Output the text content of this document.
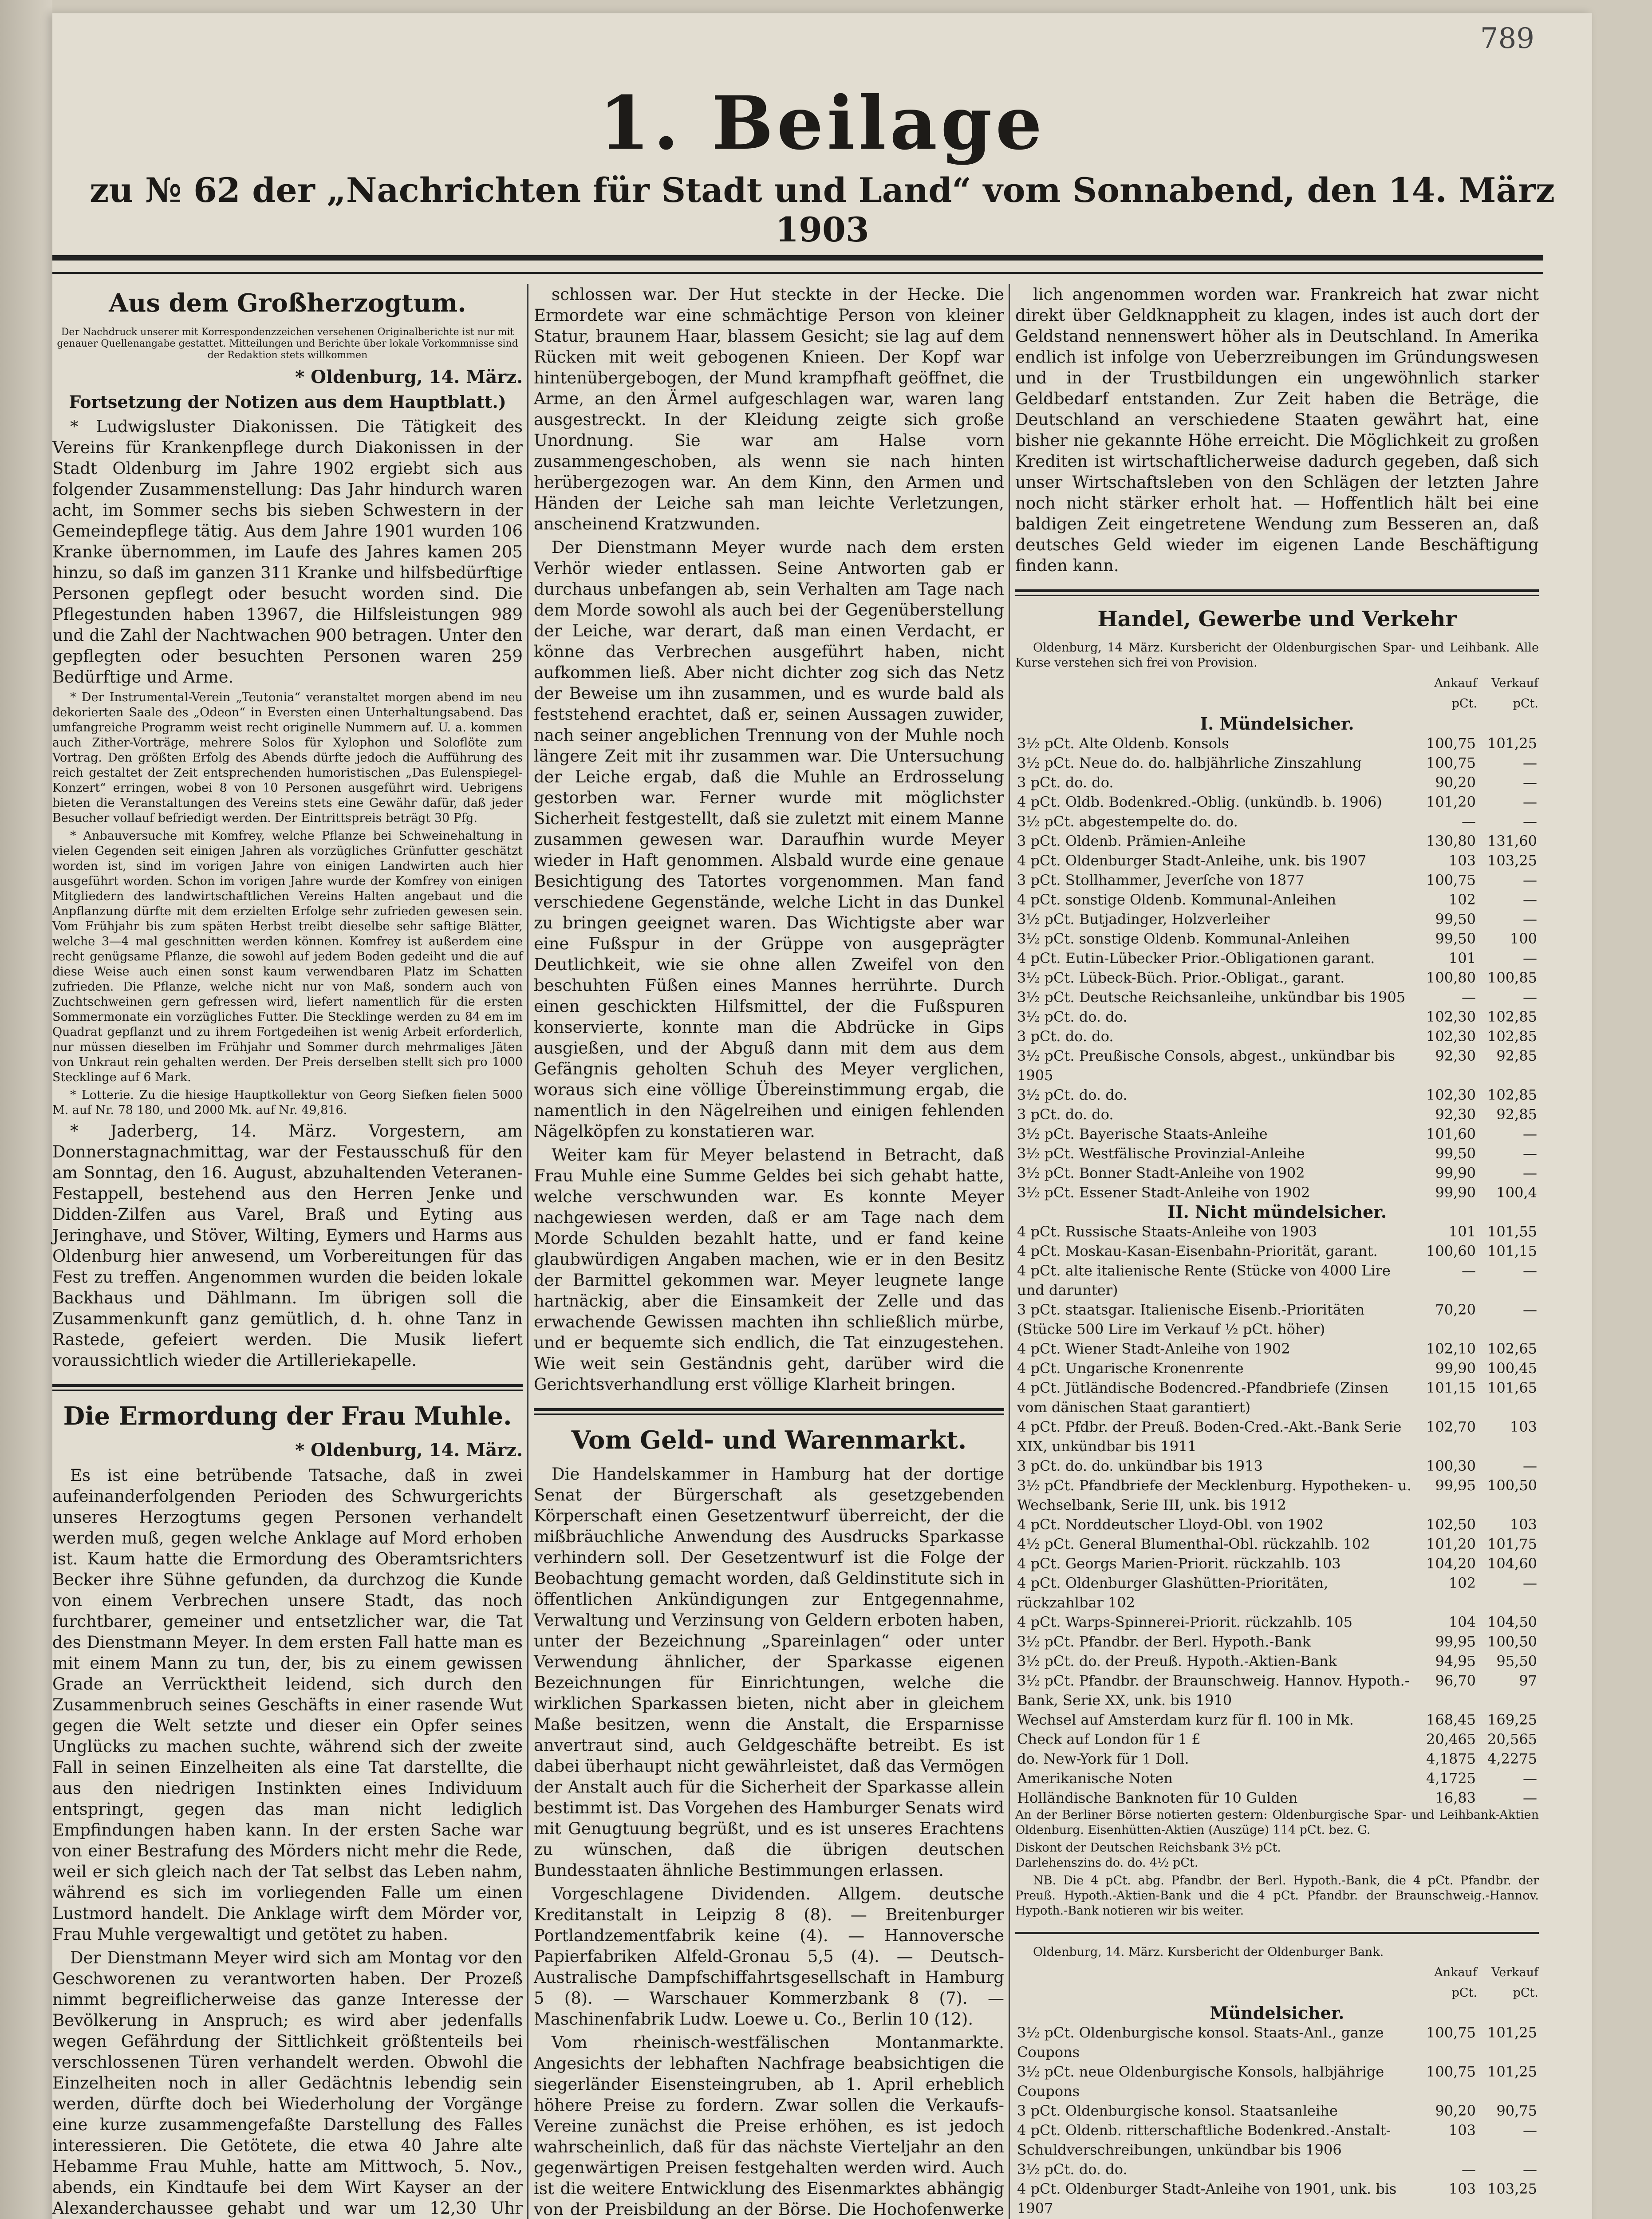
789
1. Beilage
zu № 62 der „Nachrichten für Stadt und Land“ vom Sonnabend, den 14. März 1903
Aus dem Großherzogtum.
Der Nachdruck unserer mit Korrespondenzzeichen versehenen Originalberichte ist nur mit genauer Quellenangabe gestattet. Mitteilungen und Berichte über lokale Vorkommnisse sind der Redaktion stets willkommen
* Oldenburg, 14. März.
Fortsetzung der Notizen aus dem Hauptblatt.)

* Ludwigsluster Diakonissen. Die Tätigkeit des Vereins für Krankenpflege durch Diakonissen in der Stadt Oldenburg im Jahre 1902 ergiebt sich aus folgender Zusammenstellung: Das Jahr hindurch waren acht, im Sommer sechs bis sieben Schwestern in der Gemeindepflege tätig. Aus dem Jahre 1901 wurden 106 Kranke übernommen, im Laufe des Jahres kamen 205 hinzu, so daß im ganzen 311 Kranke und hilfsbedürftige Personen gepflegt oder besucht worden sind. Die Pflegestunden haben 13967, die Hilfsleistungen 989 und die Zahl der Nachtwachen 900 betragen. Unter den gepflegten oder besuchten Personen waren 259 Bedürftige und Arme.

* Der Instrumental-Verein „Teutonia“ veranstaltet morgen abend im neu dekorierten Saale des „Odeon“ in Eversten einen Unterhaltungsabend. Das umfangreiche Programm weist recht originelle Nummern auf. U. a. kommen auch Zither-Vorträge, mehrere Solos für Xylophon und Soloflöte zum Vortrag. Den größten Erfolg des Abends dürfte jedoch die Aufführung des reich gestaltet der Zeit entsprechenden humoristischen „Das Eulenspiegel-Konzert“ erringen, wobei 8 von 10 Personen ausgeführt wird. Uebrigens bieten die Veranstaltungen des Vereins stets eine Gewähr dafür, daß jeder Besucher vollauf befriedigt werden. Der Eintrittspreis beträgt 30 Pfg.

* Anbauversuche mit Komfrey, welche Pflanze bei Schweinehaltung in vielen Gegenden seit einigen Jahren als vorzügliches Grünfutter geschätzt worden ist, sind im vorigen Jahre von einigen Landwirten auch hier ausgeführt worden. Schon im vorigen Jahre wurde der Komfrey von einigen Mitgliedern des landwirtschaftlichen Vereins Halten angebaut und die Anpflanzung dürfte mit dem erzielten Erfolge sehr zufrieden gewesen sein. Vom Frühjahr bis zum späten Herbst treibt dieselbe sehr saftige Blätter, welche 3—4 mal geschnitten werden können. Komfrey ist außerdem eine recht genügsame Pflanze, die sowohl auf jedem Boden gedeiht und die auf diese Weise auch einen sonst kaum verwendbaren Platz im Schatten zufrieden. Die Pflanze, welche nicht nur von Maß, sondern auch von Zuchtschweinen gern gefressen wird, liefert namentlich für die ersten Sommermonate ein vorzügliches Futter. Die Stecklinge werden zu 84 em im Quadrat gepflanzt und zu ihrem Fortgedeihen ist wenig Arbeit erforderlich, nur müssen dieselben im Frühjahr und Sommer durch mehrmaliges Jäten von Unkraut rein gehalten werden. Der Preis derselben stellt sich pro 1000 Stecklinge auf 6 Mark.

* Lotterie. Zu die hiesige Hauptkollektur von Georg Siefken fielen 5000 M. auf Nr. 78 180, und 2000 Mk. auf Nr. 49,816.

* Jaderberg, 14. März. Vorgestern, am Donnerstagnachmittag, war der Festausschuß für den am Sonntag, den 16. August, abzuhaltenden Veteranen-Festappell, bestehend aus den Herren Jenke und Didden-Zilfen aus Varel, Braß und Eyting aus Jeringhave, und Stöver, Wilting, Eymers und Harms aus Oldenburg hier anwesend, um Vorbereitungen für das Fest zu treffen. Angenommen wurden die beiden lokale Backhaus und Dählmann. Im übrigen soll die Zusammenkunft ganz gemütlich, d. h. ohne Tanz in Rastede, gefeiert werden. Die Musik liefert voraussichtlich wieder die Artilleriekapelle.

Die Ermordung der Frau Muhle.
* Oldenburg, 14. März.

Es ist eine betrübende Tatsache, daß in zwei aufeinanderfolgenden Perioden des Schwurgerichts unseres Herzogtums gegen Personen verhandelt werden muß, gegen welche Anklage auf Mord erhoben ist. Kaum hatte die Ermordung des Oberamtsrichters Becker ihre Sühne gefunden, da durchzog die Kunde von einem Verbrechen unsere Stadt, das noch furchtbarer, gemeiner und entsetzlicher war, die Tat des Dienstmann Meyer. In dem ersten Fall hatte man es mit einem Mann zu tun, der, bis zu einem gewissen Grade an Verrücktheit leidend, sich durch den Zusammenbruch seines Geschäfts in einer rasende Wut gegen die Welt setzte und dieser ein Opfer seines Unglücks zu machen suchte, während sich der zweite Fall in seinen Einzelheiten als eine Tat darstellte, die aus den niedrigen Instinkten eines Individuum entspringt, gegen das man nicht lediglich Empfindungen haben kann. In der ersten Sache war von einer Bestrafung des Mörders nicht mehr die Rede, weil er sich gleich nach der Tat selbst das Leben nahm, während es sich im vorliegenden Falle um einen Lustmord handelt. Die Anklage wirft dem Mörder vor, Frau Muhle vergewaltigt und getötet zu haben.

Der Dienstmann Meyer wird sich am Montag vor den Geschworenen zu verantworten haben. Der Prozeß nimmt begreiflicherweise das ganze Interesse der Bevölkerung in Anspruch; es wird aber jedenfalls wegen Gefährdung der Sittlichkeit größtenteils bei verschlossenen Türen verhandelt werden. Obwohl die Einzelheiten noch in aller Gedächtnis lebendig sein werden, dürfte doch bei Wiederholung der Vorgänge eine kurze zusammengefaßte Darstellung des Falles interessieren. Die Getötete, die etwa 40 Jahre alte Hebamme Frau Muhle, hatte am Mittwoch, 5. Nov., abends, ein Kindtaufe bei dem Wirt Kayser an der Alexanderchaussee gehabt und war um 12,30 Uhr

schlossen war. Der Hut steckte in der Hecke. Die Ermordete war eine schmächtige Person von kleiner Statur, braunem Haar, blassem Gesicht; sie lag auf dem Rücken mit weit gebogenen Knieen. Der Kopf war hintenübergebogen, der Mund krampfhaft geöffnet, die Arme, an den Ärmel aufgeschlagen war, waren lang ausgestreckt. In der Kleidung zeigte sich große Unordnung. Sie war am Halse vorn zusammengeschoben, als wenn sie nach hinten herübergezogen war. An dem Kinn, den Armen und Händen der Leiche sah man leichte Verletzungen, anscheinend Kratzwunden.

Der Dienstmann Meyer wurde nach dem ersten Verhör wieder entlassen. Seine Antworten gab er durchaus unbefangen ab, sein Verhalten am Tage nach dem Morde sowohl als auch bei der Gegenüberstellung der Leiche, war derart, daß man einen Verdacht, er könne das Verbrechen ausgeführt haben, nicht aufkommen ließ. Aber nicht dichter zog sich das Netz der Beweise um ihn zusammen, und es wurde bald als feststehend erachtet, daß er, seinen Aussagen zuwider, nach seiner angeblichen Trennung von der Muhle noch längere Zeit mit ihr zusammen war. Die Untersuchung der Leiche ergab, daß die Muhle an Erdrosselung gestorben war. Ferner wurde mit möglichster Sicherheit festgestellt, daß sie zuletzt mit einem Manne zusammen gewesen war. Daraufhin wurde Meyer wieder in Haft genommen. Alsbald wurde eine genaue Besichtigung des Tatortes vorgenommen. Man fand verschiedene Gegenstände, welche Licht in das Dunkel zu bringen geeignet waren. Das Wichtigste aber war eine Fußspur in der Grüppe von ausgeprägter Deutlichkeit, wie sie ohne allen Zweifel von den beschuhten Füßen eines Mannes herrührte. Durch einen geschickten Hilfsmittel, der die Fußspuren konservierte, konnte man die Abdrücke in Gips ausgießen, und der Abguß dann mit dem aus dem Gefängnis geholten Schuh des Meyer verglichen, woraus sich eine völlige Übereinstimmung ergab, die namentlich in den Nägelreihen und einigen fehlenden Nägelköpfen zu konstatieren war.

Weiter kam für Meyer belastend in Betracht, daß Frau Muhle eine Summe Geldes bei sich gehabt hatte, welche verschwunden war. Es konnte Meyer nachgewiesen werden, daß er am Tage nach dem Morde Schulden bezahlt hatte, und er fand keine glaubwürdigen Angaben machen, wie er in den Besitz der Barmittel gekommen war. Meyer leugnete lange hartnäckig, aber die Einsamkeit der Zelle und das erwachende Gewissen machten ihn schließlich mürbe, und er bequemte sich endlich, die Tat einzugestehen. Wie weit sein Geständnis geht, darüber wird die Gerichtsverhandlung erst völlige Klarheit bringen.

Vom Geld- und Warenmarkt.

Die Handelskammer in Hamburg hat der dortige Senat der Bürgerschaft als gesetzgebenden Körperschaft einen Gesetzentwurf überreicht, der die mißbräuchliche Anwendung des Ausdrucks Sparkasse verhindern soll. Der Gesetzentwurf ist die Folge der Beobachtung gemacht worden, daß Geldinstitute sich in öffentlichen Ankündigungen zur Entgegennahme, Verwaltung und Verzinsung von Geldern erboten haben, unter der Bezeichnung „Spareinlagen“ oder unter Verwendung ähnlicher, der Sparkasse eigenen Bezeichnungen für Einrichtungen, welche die wirklichen Sparkassen bieten, nicht aber in gleichem Maße besitzen, wenn die Anstalt, die Ersparnisse anvertraut sind, auch Geldgeschäfte betreibt. Es ist dabei überhaupt nicht gewährleistet, daß das Vermögen der Anstalt auch für die Sicherheit der Sparkasse allein bestimmt ist. Das Vorgehen des Hamburger Senats wird mit Genugtuung begrüßt, und es ist unseres Erachtens zu wünschen, daß die übrigen deutschen Bundesstaaten ähnliche Bestimmungen erlassen.

Vorgeschlagene Dividenden. Allgem. deutsche Kreditanstalt in Leipzig 8 (8). — Breitenburger Portlandzementfabrik keine (4). — Hannoversche Papierfabriken Alfeld-Gronau 5,5 (4). — Deutsch-Australische Dampfschiffahrtsgesellschaft in Hamburg 5 (8). — Warschauer Kommerzbank 8 (7). — Maschinenfabrik Ludw. Loewe u. Co., Berlin 10 (12).

Vom rheinisch-westfälischen Montanmarkte. Angesichts der lebhaften Nachfrage beabsichtigen die siegerländer Eisensteingruben, ab 1. April erheblich höhere Preise zu fordern. Zwar sollen die Verkaufs-Vereine zunächst die Preise erhöhen, es ist jedoch wahrscheinlich, daß für das nächste Vierteljahr an den gegenwärtigen Preisen festgehalten werden wird. Auch ist die weitere Entwicklung des Eisenmarktes abhängig von der Preisbildung an der Börse. Die Hochofenwerke

lich angenommen worden war. Frankreich hat zwar nicht direkt über Geldknappheit zu klagen, indes ist auch dort der Geldstand nennenswert höher als in Deutschland. In Amerika endlich ist infolge von Ueberzreibungen im Gründungswesen und in der Trustbildungen ein ungewöhnlich starker Geldbedarf entstanden. Zur Zeit haben die Beträge, die Deutschland an verschiedene Staaten gewährt hat, eine bisher nie gekannte Höhe erreicht. Die Möglichkeit zu großen Krediten ist wirtschaftlicherweise dadurch gegeben, daß sich unser Wirtschaftsleben von den Schlägen der letzten Jahre noch nicht stärker erholt hat. — Hoffentlich hält bei eine baldigen Zeit eingetretene Wendung zum Besseren an, daß deutsches Geld wieder im eigenen Lande Beschäftigung finden kann.

Handel, Gewerbe und Verkehr

Oldenburg, 14 März. Kursbericht der Oldenburgischen Spar- und Leihbank. Alle Kurse verstehen sich frei von Provision.

	Ankauf	Verkauf
	pCt.	pCt.
I. Mündelsicher.		
3½ pCt. Alte Oldenb. Konsols	100,75	101,25
3½ pCt. Neue do. do. halbjährliche Zinszahlung	100,75	—
3 pCt. do. do.	90,20	—
4 pCt. Oldb. Bodenkred.-Oblig. (unkündb. b. 1906)	101,20	—
3½ pCt. abgestempelte do. do.	—	—
3 pCt. Oldenb. Prämien-Anleihe	130,80	131,60
4 pCt. Oldenburger Stadt-Anleihe, unk. bis 1907	103	103,25
3 pCt. Stollhammer, Jeverſche von 1877	100,75	—
4 pCt. sonstige Oldenb. Kommunal-Anleihen	102	—
3½ pCt. Butjadinger, Holzverleiher	99,50	—
3½ pCt. sonstige Oldenb. Kommunal-Anleihen	99,50	100
4 pCt. Eutin-Lübecker Prior.-Obligationen garant.	101	—
3½ pCt. Lübeck-Büch. Prior.-Obligat., garant.	100,80	100,85
3½ pCt. Deutsche Reichsanleihe, unkündbar bis 1905	—	—
3½ pCt. do. do.	102,30	102,85
3 pCt. do. do.	102,30	102,85
3½ pCt. Preußische Consols, abgest., unkündbar bis 1905	92,30	92,85
3½ pCt. do. do.	102,30	102,85
3 pCt. do. do.	92,30	92,85
3½ pCt. Bayerische Staats-Anleihe	101,60	—
3½ pCt. Westfälische Provinzial-Anleihe	99,50	—
3½ pCt. Bonner Stadt-Anleihe von 1902	99,90	—
3½ pCt. Essener Stadt-Anleihe von 1902	99,90	100,4
II. Nicht mündelsicher.		
4 pCt. Russische Staats-Anleihe von 1903	101	101,55
4 pCt. Moskau-Kasan-Eisenbahn-Priorität, garant.	100,60	101,15
4 pCt. alte italienische Rente (Stücke von 4000 Lire und darunter)	—	—
3 pCt. staatsgar. Italienische Eisenb.-Prioritäten (Stücke 500 Lire im Verkauf ½ pCt. höher)	70,20	—
4 pCt. Wiener Stadt-Anleihe von 1902	102,10	102,65
4 pCt. Ungarische Kronenrente	99,90	100,45
4 pCt. Jütländische Bodencred.-Pfandbriefe (Zinsen vom dänischen Staat garantiert)	101,15	101,65
4 pCt. Pfdbr. der Preuß. Boden-Cred.-Akt.-Bank Serie XIX, unkündbar bis 1911	102,70	103
3 pCt. do. do. unkündbar bis 1913	100,30	—
3½ pCt. Pfandbriefe der Mecklenburg. Hypotheken- u. Wechselbank, Serie III, unk. bis 1912	99,95	100,50
4 pCt. Norddeutscher Lloyd-Obl. von 1902	102,50	103
4½ pCt. General Blumenthal-Obl. rückzahlb. 102	101,20	101,75
4 pCt. Georgs Marien-Priorit. rückzahlb. 103	104,20	104,60
4 pCt. Oldenburger Glashütten-Prioritäten, rückzahlbar 102	102	—
4 pCt. Warps-Spinnerei-Priorit. rückzahlb. 105	104	104,50
3½ pCt. Pfandbr. der Berl. Hypoth.-Bank	99,95	100,50
3½ pCt. do. der Preuß. Hypoth.-Aktien-Bank	94,95	95,50
3½ pCt. Pfandbr. der Braunschweig. Hannov. Hypoth.-Bank, Serie XX, unk. bis 1910	96,70	97
Wechsel auf Amsterdam kurz für fl. 100 in Mk.	168,45	169,25
Check auf London für 1 £	20,465	20,565
do. New-York für 1 Doll.	4,1875	4,2275
Amerikanische Noten	4,1725	—
Holländische Banknoten für 10 Gulden	16,83	—

An der Berliner Börse notierten gestern: Oldenburgische Spar- und Leihbank-Aktien Oldenburg. Eisenhütten-Aktien (Auszüge) 114 pCt. bez. G.

Diskont der Deutschen Reichsbank 3½ pCt.

Darlehenszins do. do. 4½ pCt.

NB. Die 4 pCt. abg. Pfandbr. der Berl. Hypoth.-Bank, die 4 pCt. Pfandbr. der Preuß. Hypoth.-Aktien-Bank und die 4 pCt. Pfandbr. der Braunschweig.-Hannov. Hypoth.-Bank notieren wir bis weiter.

Oldenburg, 14. März. Kursbericht der Oldenburger Bank.

	Ankauf	Verkauf
	pCt.	pCt.
Mündelsicher.		
3½ pCt. Oldenburgische konsol. Staats-Anl., ganze Coupons	100,75	101,25
3½ pCt. neue Oldenburgische Konsols, halbjährige Coupons	100,75	101,25
3 pCt. Oldenburgische konsol. Staatsanleihe	90,20	90,75
4 pCt. Oldenb. ritterschaftliche Bodenkred.-Anstalt-Schuldverschreibungen, unkündbar bis 1906	103	—
3½ pCt. do. do.	—	—
4 pCt. Oldenburger Stadt-Anleihe von 1901, unk. bis 1907	103	103,25
